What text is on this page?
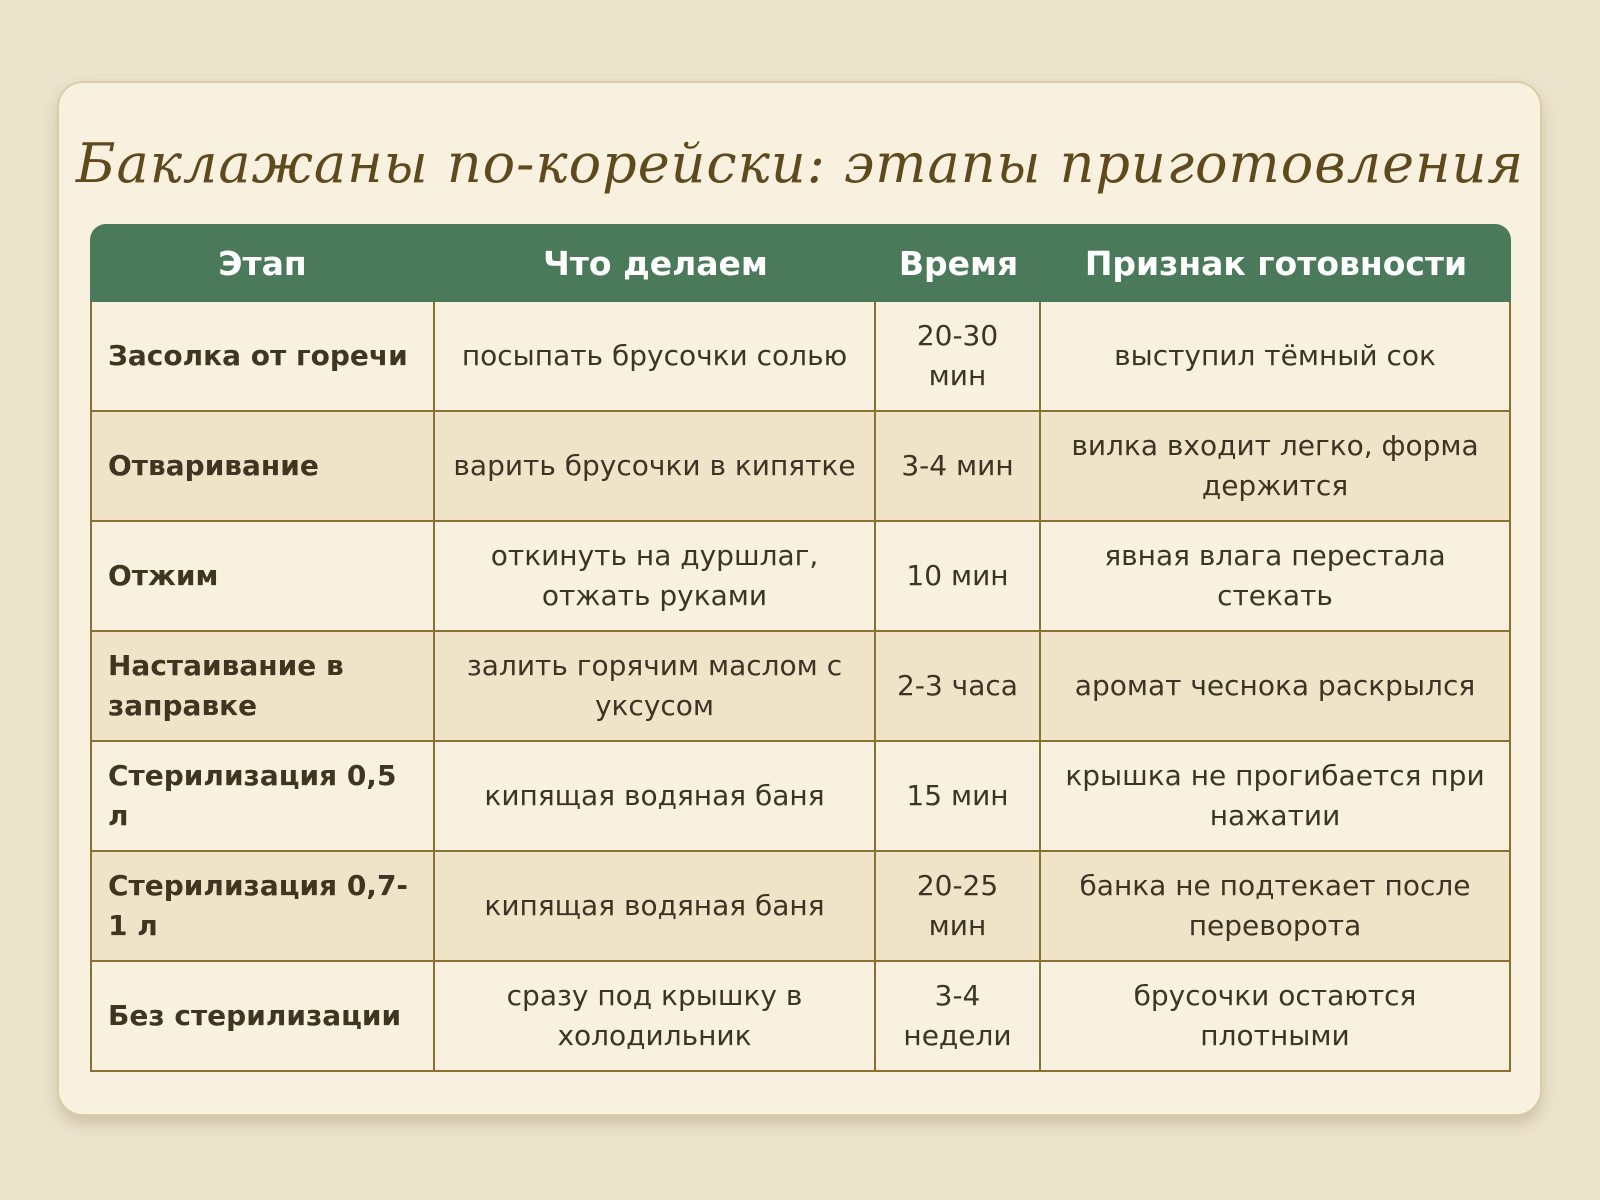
Баклажаны по-корейски: этапы приготовления
Этап	Что делаем	Время	Признак готовности
Засолка от горечи	посыпать брусочки солью	20-30 мин	выступил тёмный сок
Отваривание	варить брусочки в кипятке	3-4 мин	вилка входит легко, форма держится
Отжим	откинуть на дуршлаг, отжать руками	10 мин	явная влага перестала стекать
Настаивание в заправке	залить горячим маслом с уксусом	2-3 часа	аромат чеснока раскрылся
Стерилизация 0,5 л	кипящая водяная баня	15 мин	крышка не прогибается при нажатии
Стерилизация 0,7-1 л	кипящая водяная баня	20-25 мин	банка не подтекает после переворота
Без стерилизации	сразу под крышку в холодильник	3-4 недели	брусочки остаются плотными
